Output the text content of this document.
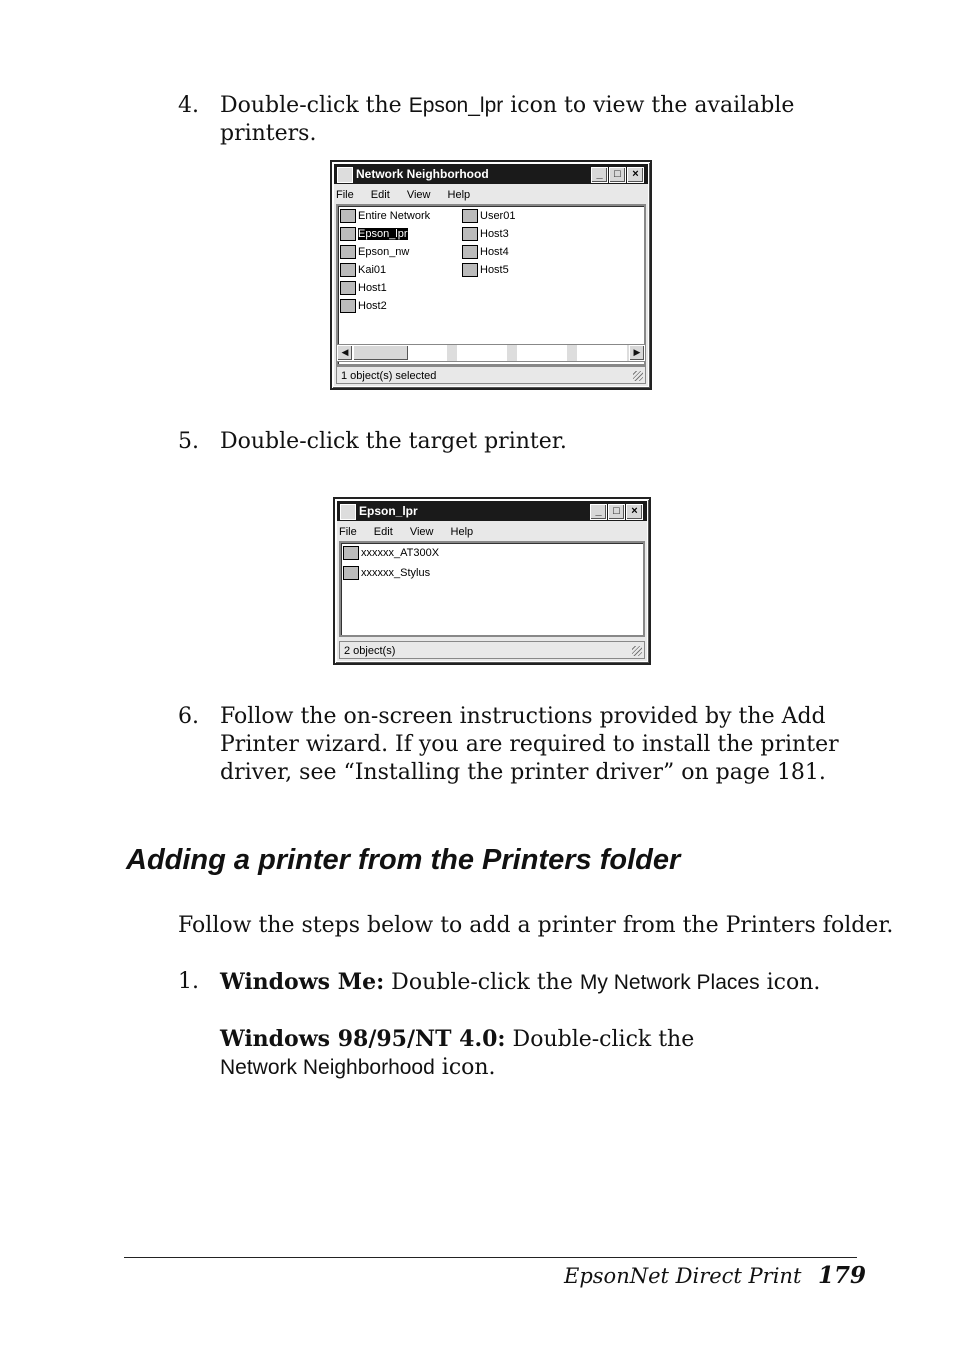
4. Double-click the Epson_lpr icon to view the available printers.
Network Neighborhood	_	□	×
File Edit View Help
Entire Network
Epson_lpr
Epson_nw
Kai01
Host1
Host2
User01
Host3
Host4
Host5
◀	▶
1 object(s) selected
5. Double-click the target printer.
Epson_lpr	_	□	×
File Edit View Help
xxxxxx_AT300X
xxxxxx_Stylus
2 object(s)
6. Follow the on-screen instructions provided by the Add Printer wizard. If you are required to install the printer driver, see “Installing the printer driver” on page 181.
Adding a printer from the Printers folder
Follow the steps below to add a printer from the Printers folder.
1. Windows Me: Double-click the My Network Places icon.
Windows 98/95/NT 4.0: Double-click the Network Neighborhood icon.
EpsonNet Direct Print 179
